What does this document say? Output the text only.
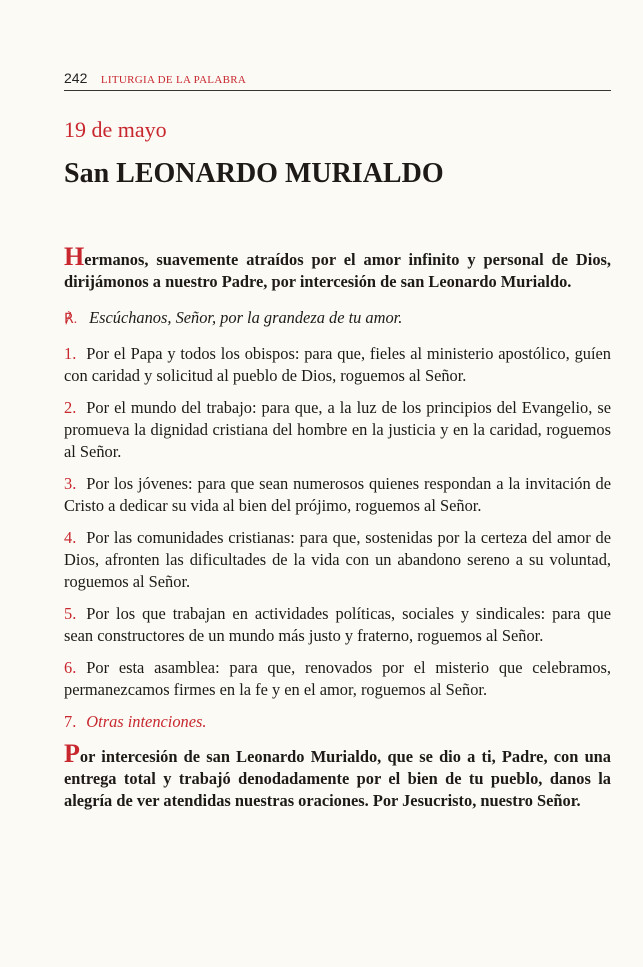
242 LITURGIA DE LA PALABRA
19 de mayo
San LEONARDO MURIALDO

Hermanos, suavemente atraídos por el amor infinito y personal de Dios, dirijámonos a nuestro Padre, por intercesión de san Leonardo Murialdo.

℟. Escúchanos, Señor, por la grandeza de tu amor.

1. Por el Papa y todos los obispos: para que, fieles al ministerio apostólico, guíen con caridad y solicitud al pueblo de Dios, roguemos al Señor.

2. Por el mundo del trabajo: para que, a la luz de los principios del Evangelio, se promueva la dignidad cristiana del hombre en la justicia y en la caridad, roguemos al Señor.

3. Por los jóvenes: para que sean numerosos quienes respondan a la invitación de Cristo a dedicar su vida al bien del prójimo, roguemos al Señor.

4. Por las comunidades cristianas: para que, sostenidas por la certeza del amor de Dios, afronten las dificultades de la vida con un abandono sereno a su voluntad, roguemos al Señor.

5. Por los que trabajan en actividades políticas, sociales y sindicales: para que sean constructores de un mundo más justo y fraterno, roguemos al Señor.

6. Por esta asamblea: para que, renovados por el misterio que celebramos, permanezcamos firmes en la fe y en el amor, roguemos al Señor.

7. Otras intenciones.

Por intercesión de san Leonardo Murialdo, que se dio a ti, Padre, con una entrega total y trabajó denodadamente por el bien de tu pueblo, danos la alegría de ver atendidas nuestras oraciones. Por Jesucristo, nuestro Señor.
